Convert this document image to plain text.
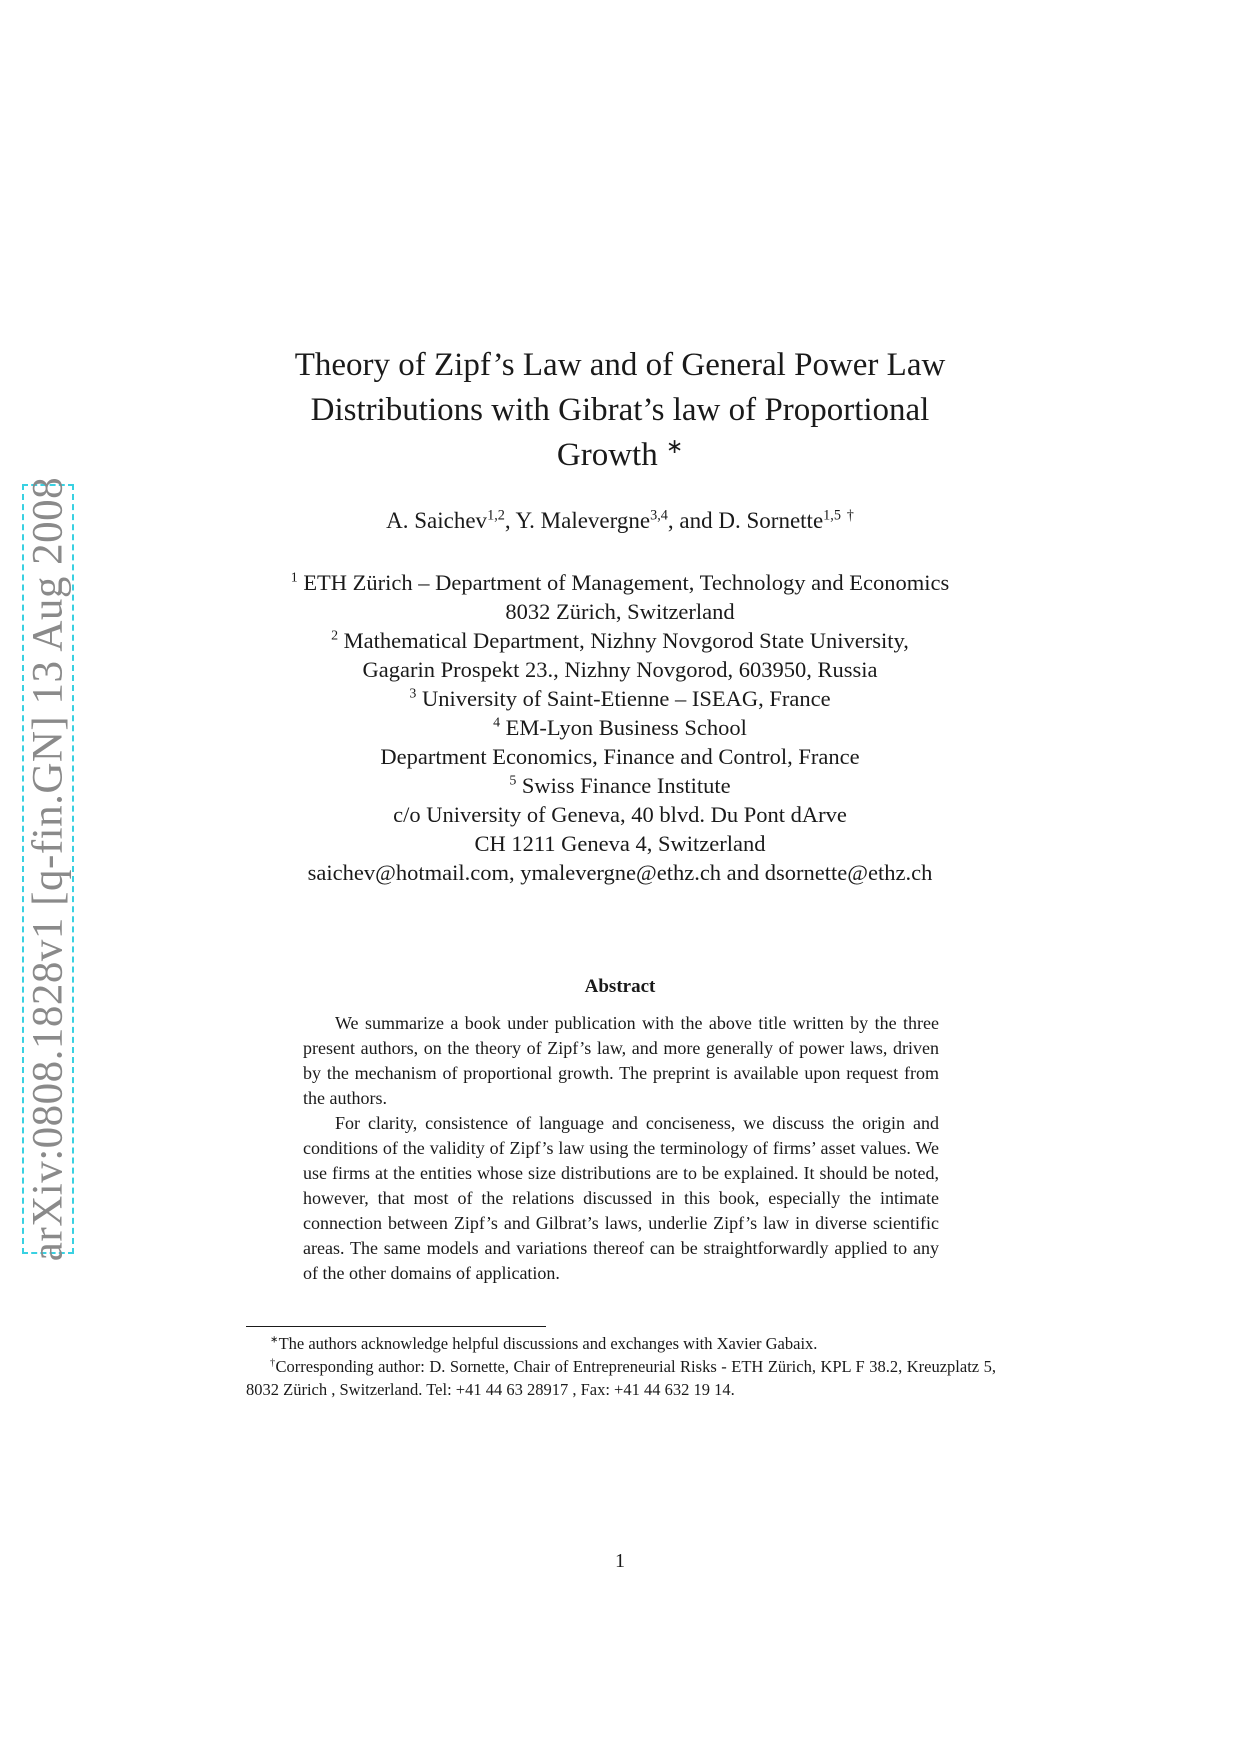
arXiv:0808.1828v1 [q-fin.GN] 13 Aug 2008
Theory of Zipf’s Law and of General Power Law
Distributions with Gibrat’s law of Proportional
Growth ∗
A. Saichev$^{1,2}$, Y. Malevergne$^{3,4}$, and D. Sornette$^{1,5}$ †
$^1$ ETH Zürich – Department of Management, Technology and Economics
8032 Zürich, Switzerland
$^2$ Mathematical Department, Nizhny Novgorod State University,
Gagarin Prospekt 23., Nizhny Novgorod, 603950, Russia
$^3$ University of Saint-Etienne – ISEAG, France
$^4$ EM-Lyon Business School
Department Economics, Finance and Control, France
$^5$ Swiss Finance Institute
c/o University of Geneva, 40 blvd. Du Pont dArve
CH 1211 Geneva 4, Switzerland
saichev@hotmail.com, ymalevergne@ethz.ch and dsornette@ethz.ch
Abstract

We summarize a book under publication with the above title written by the three present authors, on the theory of Zipf’s law, and more generally of power laws, driven by the mechanism of proportional growth. The preprint is available upon request from the authors.

For clarity, consistence of language and conciseness, we discuss the origin and conditions of the validity of Zipf’s law using the terminology of firms’ asset values. We use firms at the entities whose size distributions are to be explained. It should be noted, however, that most of the relations discussed in this book, especially the intimate connection between Zipf’s and Gilbrat’s laws, underlie Zipf’s law in diverse scientific areas. The same models and variations thereof can be straightforwardly applied to any of the other domains of application.

∗The authors acknowledge helpful discussions and exchanges with Xavier Gabaix.

†Corresponding author: D. Sornette, Chair of Entrepreneurial Risks - ETH Zürich, KPL F 38.2, Kreuzplatz 5, 8032 Zürich , Switzerland. Tel: +41 44 63 28917 , Fax: +41 44 632 19 14.

1
